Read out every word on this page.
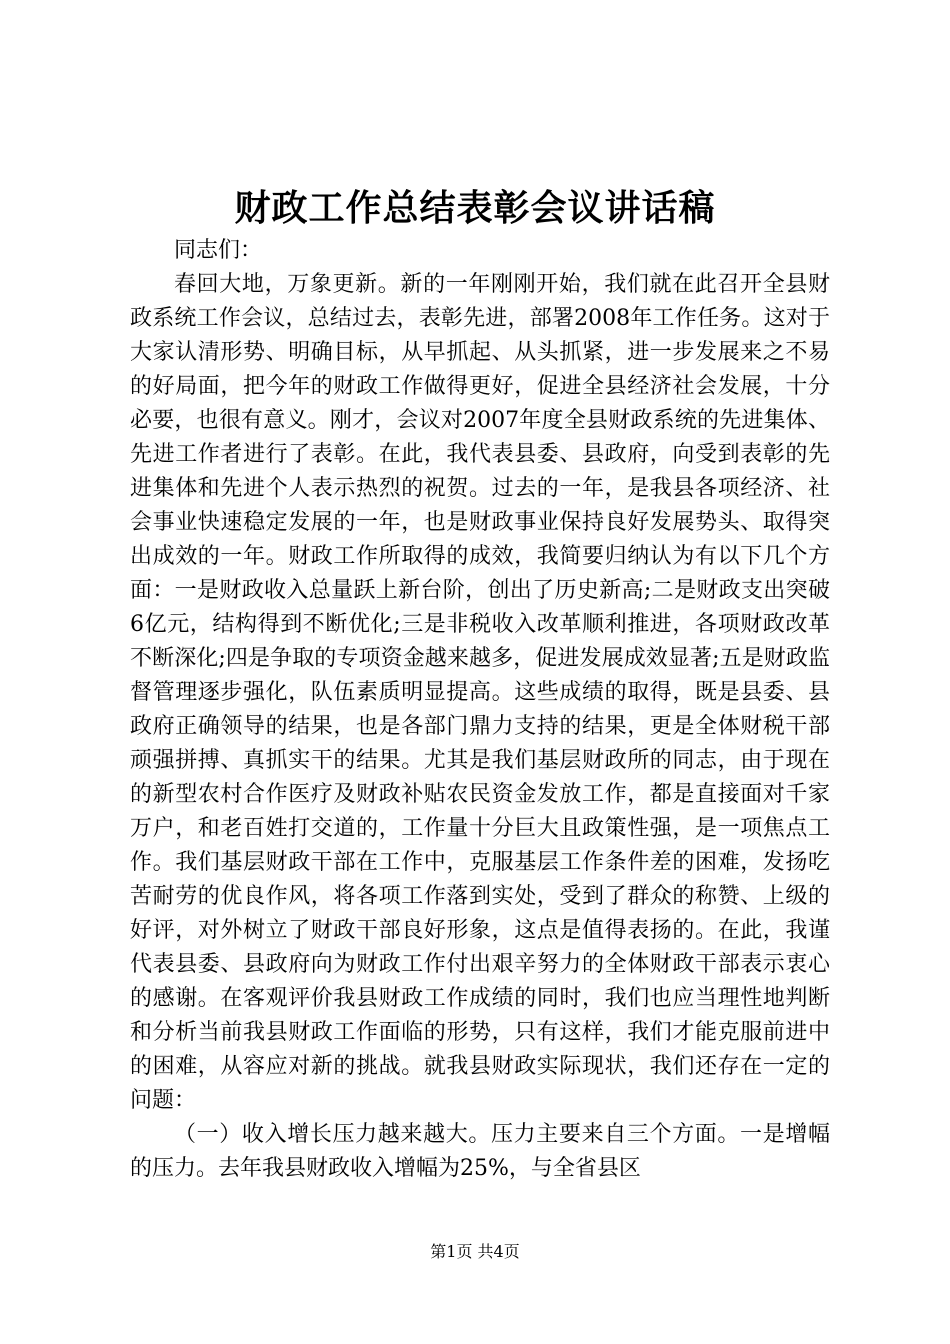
财政工作总结表彰会议讲话稿

同志们：

春回大地，万象更新。新的一年刚刚开始，我们就在此召开全县财政系统工作会议，总结过去，表彰先进，部署2008年工作任务。这对于大家认清形势、明确目标，从早抓起、从头抓紧，进一步发展来之不易的好局面，把今年的财政工作做得更好，促进全县经济社会发展，十分必要，也很有意义。刚才，会议对2007年度全县财政系统的先进集体、先进工作者进行了表彰。在此，我代表县委、县政府，向受到表彰的先进集体和先进个人表示热烈的祝贺。过去的一年，是我县各项经济、社会事业快速稳定发展的一年，也是财政事业保持良好发展势头、取得突出成效的一年。财政工作所取得的成效，我简要归纳认为有以下几个方面：一是财政收入总量跃上新台阶，创出了历史新高;二是财政支出突破6亿元，结构得到不断优化;三是非税收入改革顺利推进，各项财政改革不断深化;四是争取的专项资金越来越多，促进发展成效显著;五是财政监督管理逐步强化，队伍素质明显提高。这些成绩的取得，既是县委、县政府正确领导的结果，也是各部门鼎力支持的结果，更是全体财税干部顽强拼搏、真抓实干的结果。尤其是我们基层财政所的同志，由于现在的新型农村合作医疗及财政补贴农民资金发放工作，都是直接面对千家万户，和老百姓打交道的，工作量十分巨大且政策性强，是一项焦点工作。我们基层财政干部在工作中，克服基层工作条件差的困难，发扬吃苦耐劳的优良作风，将各项工作落到实处，受到了群众的称赞、上级的好评，对外树立了财政干部良好形象，这点是值得表扬的。在此，我谨代表县委、县政府向为财政工作付出艰辛努力的全体财政干部表示衷心的感谢。在客观评价我县财政工作成绩的同时，我们也应当理性地判断和分析当前我县财政工作面临的形势，只有这样，我们才能克服前进中的困难，从容应对新的挑战。就我县财政实际现状，我们还存在一定的问题：

（一）收入增长压力越来越大。压力主要来自三个方面。一是增幅的压力。去年我县财政收入增幅为25%，与全省县区

第1页 共4页
